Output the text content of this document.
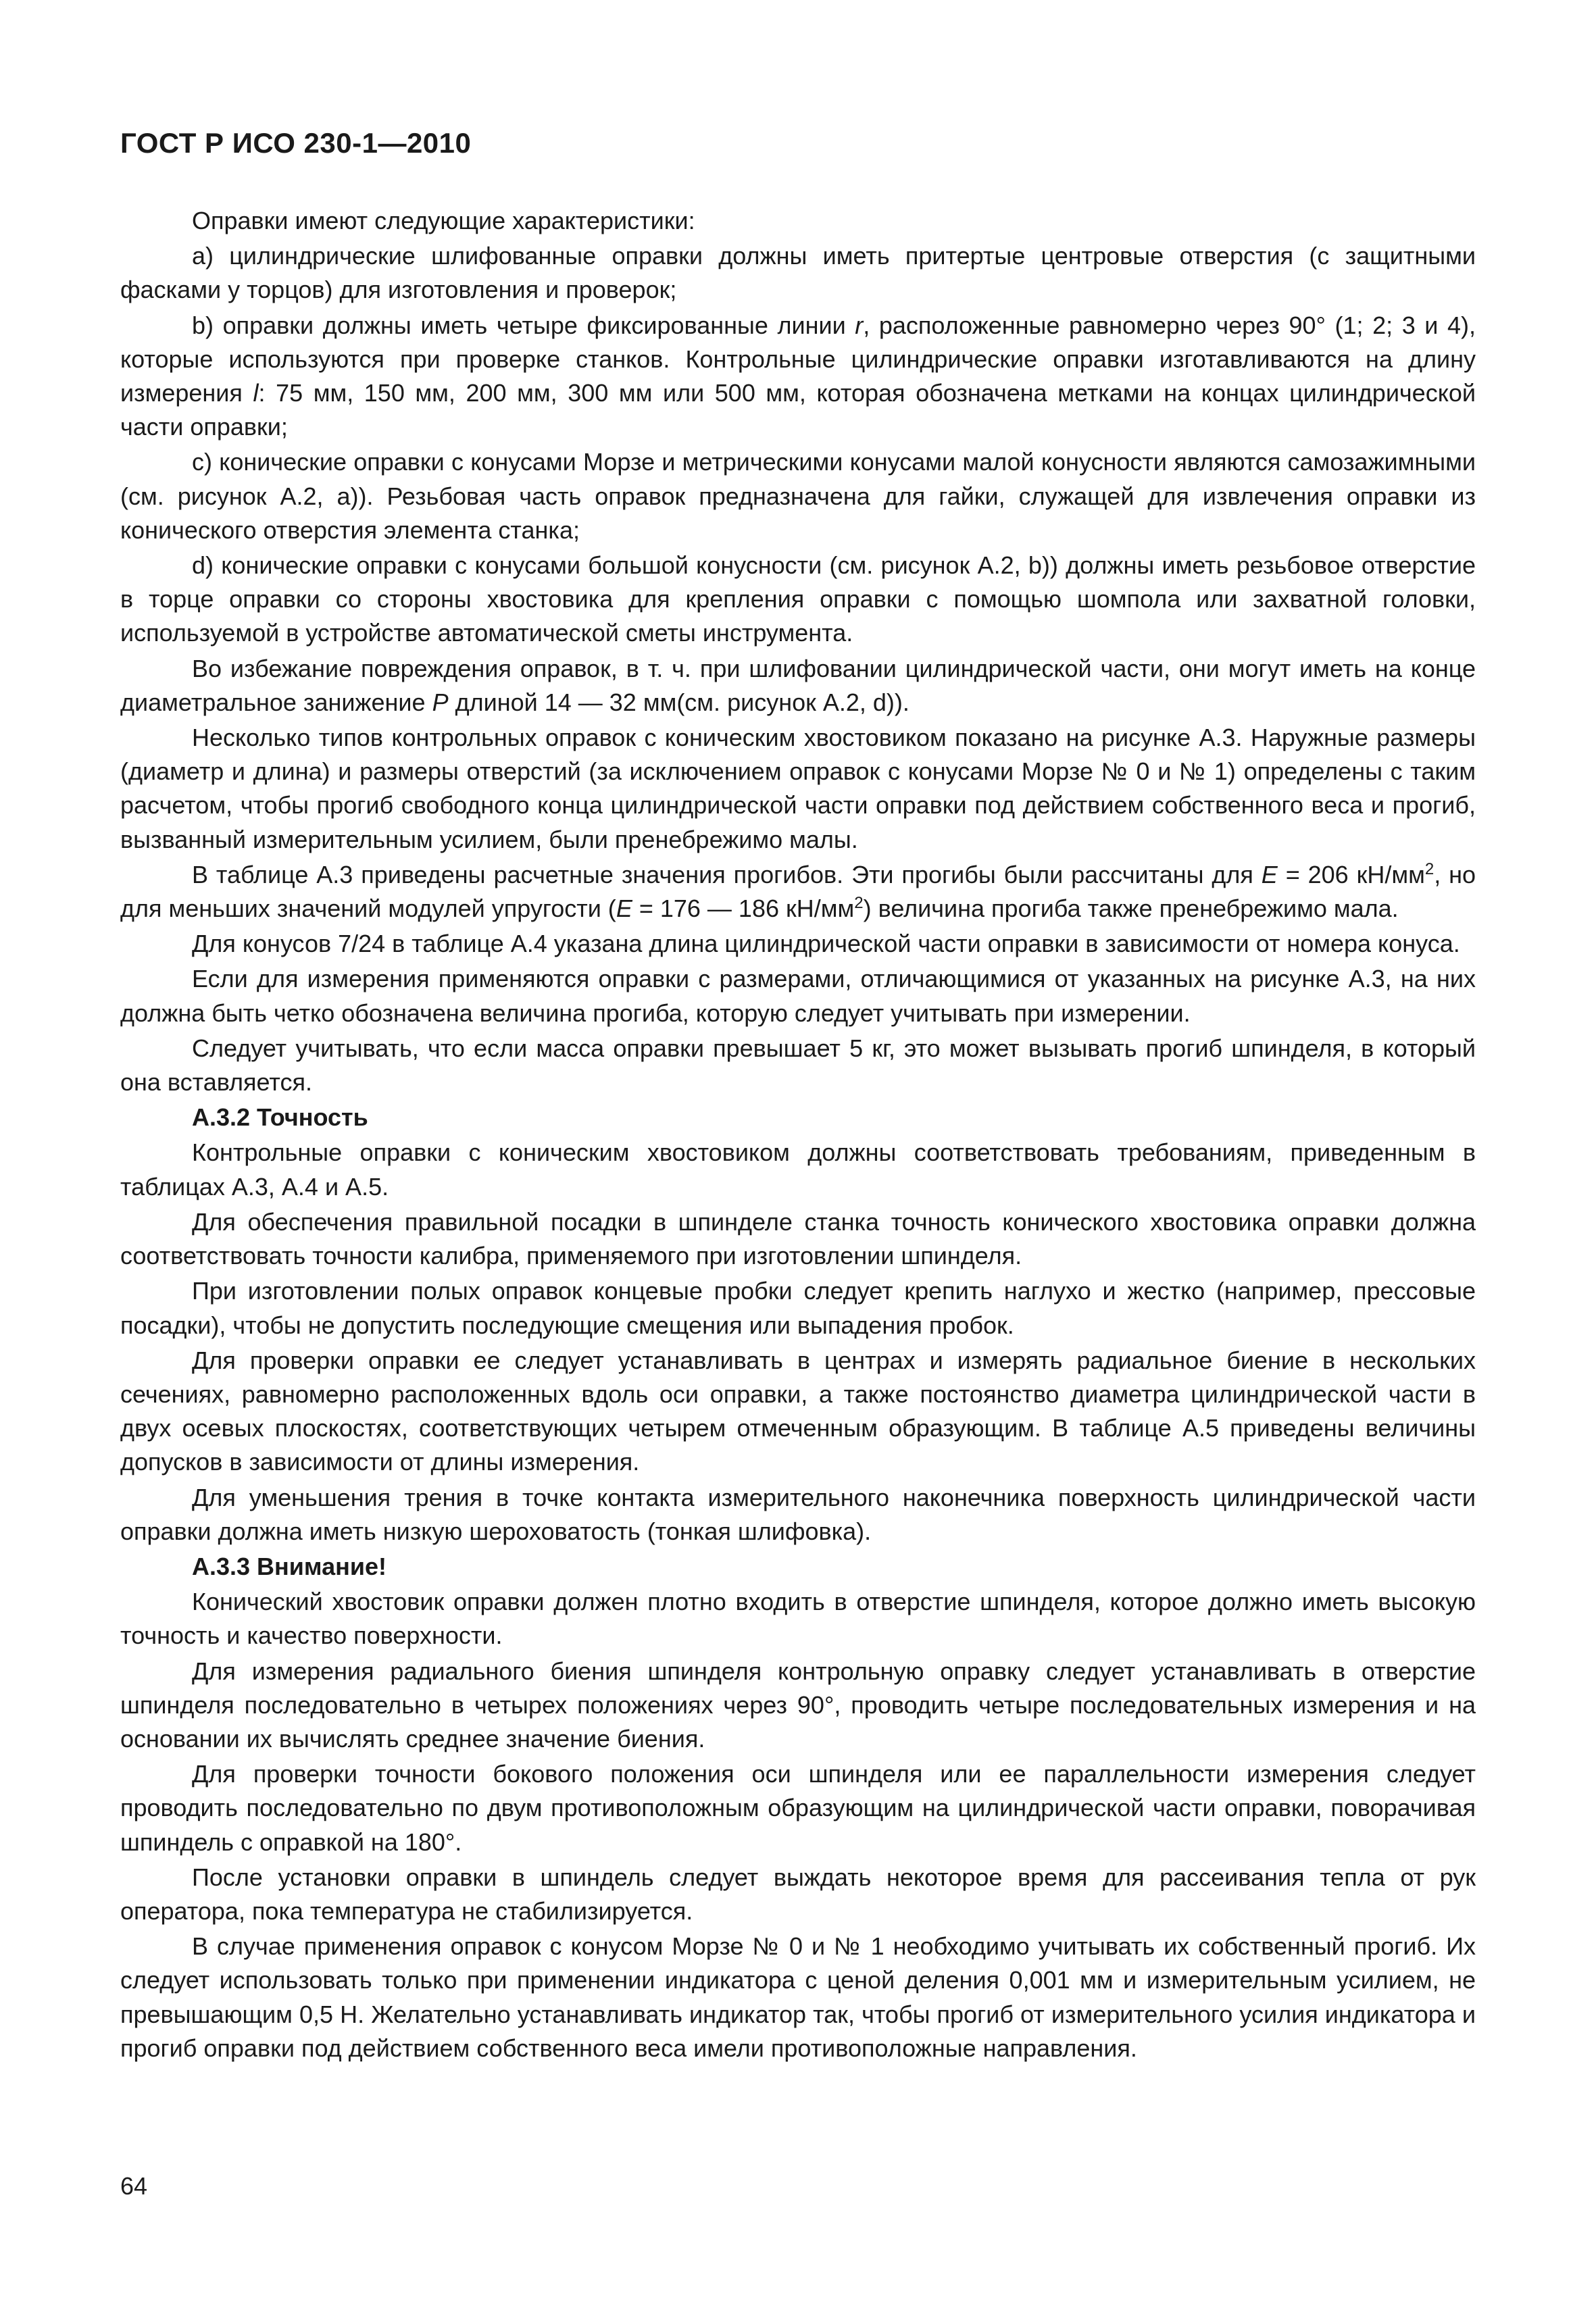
ГОСТ Р ИСО 230-1—2010

Оправки имеют следующие характеристики:

а) цилиндрические шлифованные оправки должны иметь притертые центровые отверстия (с защитными фасками у торцов) для изготовления и проверок;

b) оправки должны иметь четыре фиксированные линии r, расположенные равномерно через 90° (1; 2; 3 и 4), которые используются при проверке станков. Контрольные цилиндрические оправки изготавливаются на длину измерения l: 75 мм, 150 мм, 200 мм, 300 мм или 500 мм, которая обозначена метками на концах цилиндрической части оправки;

с) конические оправки с конусами Морзе и метрическими конусами малой конусности являются самозажимными (см. рисунок А.2, а)). Резьбовая часть оправок предназначена для гайки, служащей для извлечения оправки из конического отверстия элемента станка;

d) конические оправки с конусами большой конусности (см. рисунок А.2, b)) должны иметь резьбовое отверстие в торце оправки со стороны хвостовика для крепления оправки с помощью шомпола или захватной головки, используемой в устройстве автоматической сметы инструмента.

Во избежание повреждения оправок, в т. ч. при шлифовании цилиндрической части, они могут иметь на конце диаметральное занижение P длиной 14 — 32 мм(см. рисунок А.2, d)).

Несколько типов контрольных оправок с коническим хвостовиком показано на рисунке А.3. Наружные размеры (диаметр и длина) и размеры отверстий (за исключением оправок с конусами Морзе № 0 и № 1) определены с таким расчетом, чтобы прогиб свободного конца цилиндрической части оправки под действием собственного веса и прогиб, вызванный измерительным усилием, были пренебрежимо малы.

В таблице А.3 приведены расчетные значения прогибов. Эти прогибы были рассчитаны для E = 206 $кН/мм^2$, но для меньших значений модулей упругости (E = 176 — 186 $кН/мм^2$) величина прогиба также пренебрежимо мала.

Для конусов 7/24 в таблице А.4 указана длина цилиндрической части оправки в зависимости от номера конуса.

Если для измерения применяются оправки с размерами, отличающимися от указанных на рисунке А.3, на них должна быть четко обозначена величина прогиба, которую следует учитывать при измерении.

Следует учитывать, что если масса оправки превышает 5 кг, это может вызывать прогиб шпинделя, в который она вставляется.

А.3.2 Точность

Контрольные оправки с коническим хвостовиком должны соответствовать требованиям, приведенным в таблицах А.3, А.4 и А.5.

Для обеспечения правильной посадки в шпинделе станка точность конического хвостовика оправки должна соответствовать точности калибра, применяемого при изготовлении шпинделя.

При изготовлении полых оправок концевые пробки следует крепить наглухо и жестко (например, прессовые посадки), чтобы не допустить последующие смещения или выпадения пробок.

Для проверки оправки ее следует устанавливать в центрах и измерять радиальное биение в нескольких сечениях, равномерно расположенных вдоль оси оправки, а также постоянство диаметра цилиндрической части в двух осевых плоскостях, соответствующих четырем отмеченным образующим. В таблице А.5 приведены величины допусков в зависимости от длины измерения.

Для уменьшения трения в точке контакта измерительного наконечника поверхность цилиндрической части оправки должна иметь низкую шероховатость (тонкая шлифовка).

А.3.3 Внимание!

Конический хвостовик оправки должен плотно входить в отверстие шпинделя, которое должно иметь высокую точность и качество поверхности.

Для измерения радиального биения шпинделя контрольную оправку следует устанавливать в отверстие шпинделя последовательно в четырех положениях через 90°, проводить четыре последовательных измерения и на основании их вычислять среднее значение биения.

Для проверки точности бокового положения оси шпинделя или ее параллельности измерения следует проводить последовательно по двум противоположным образующим на цилиндрической части оправки, поворачивая шпиндель с оправкой на 180°.

После установки оправки в шпиндель следует выждать некоторое время для рассеивания тепла от рук оператора, пока температура не стабилизируется.

В случае применения оправок с конусом Морзе № 0 и № 1 необходимо учитывать их собственный прогиб. Их следует использовать только при применении индикатора с ценой деления 0,001 мм и измерительным усилием, не превышающим 0,5 Н. Желательно устанавливать индикатор так, чтобы прогиб от измерительного усилия индикатора и прогиб оправки под действием собственного веса имели противоположные направления.

64
